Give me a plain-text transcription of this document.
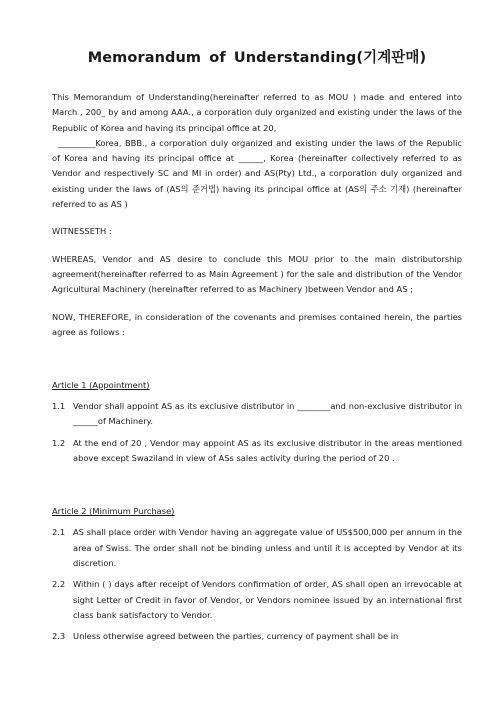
Memorandum of Understanding(기계판매)

This Memorandum of Understanding(hereinafter referred to as MOU ) made and entered into March , 200_ by and among AAA., a corporation duly organized and existing under the laws of the Republic of Korea and having its principal office at 20,

_________Korea, BBB., a corporation duly organized and existing under the laws of the Republic of Korea and having its principal office at ______, Korea (hereinafter collectively referred to as Vendor and respectively SC and MI in order) and AS(Pty) Ltd., a corporation duly organized and existing under the laws of (AS의 준거법) having its principal office at (AS의 주소 기재) (hereinafter referred to as AS )

WITNESSETH :

WHEREAS, Vendor and AS desire to conclude this MOU prior to the main distributorship agreement(hereinafter referred to as Main Agreement ) for the sale and distribution of the Vendor Agricultural Machinery (hereinafter referred to as Machinery )between Vendor and AS ;

NOW, THEREFORE, in consideration of the covenants and premises contained herein, the parties agree as follows :

Article 1 (Appointment)

1.1 Vendor shall appoint AS as its exclusive distributor in ________and non-exclusive distributor in ______of Machinery.
1.2 At the end of 20 , Vendor may appoint AS as its exclusive distributor in the areas mentioned above except Swaziland in view of ASs sales activity during the period of 20 .

Article 2 (Minimum Purchase)

2.1 AS shall place order with Vendor having an aggregate value of US$500,000 per annum in the area of Swiss. The order shall not be binding unless and until it is accepted by Vendor at its discretion.
2.2 Within ( ) days after receipt of Vendors confirmation of order, AS shall open an irrevocable at sight Letter of Credit in favor of Vendor, or Vendors nominee issued by an international first class bank satisfactory to Vendor.
2.3 Unless otherwise agreed between the parties, currency of payment shall be in
